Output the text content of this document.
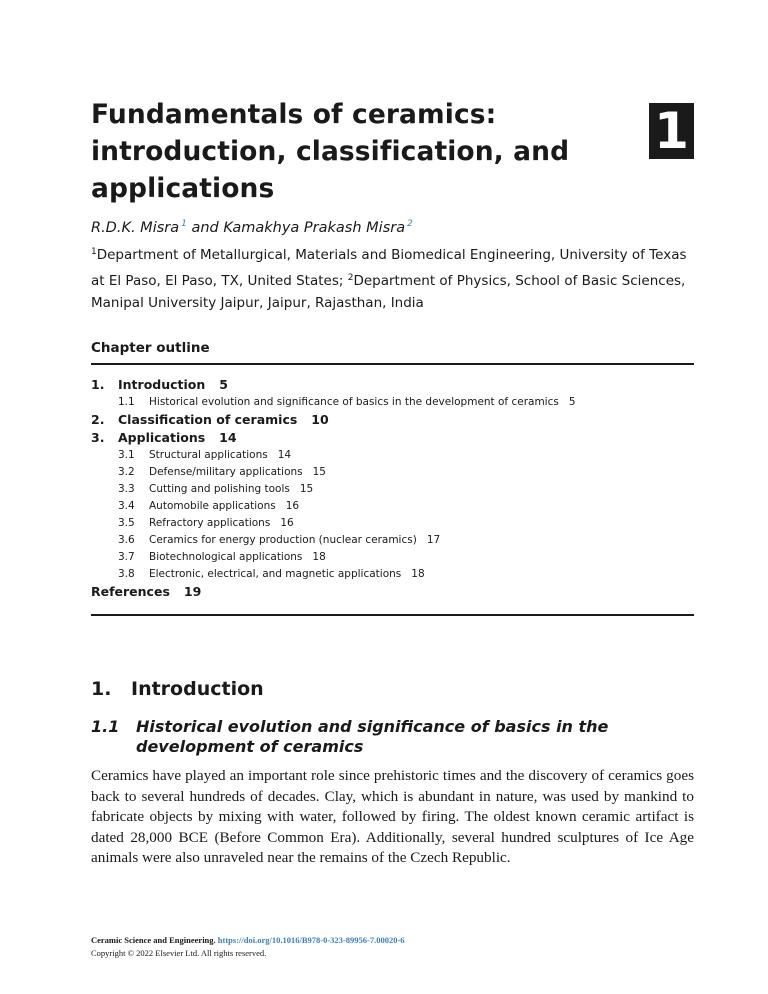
Fundamentals of ceramics:
introduction, classification, and
applications
1
R.D.K. Misra $^1$ and Kamakhya Prakash Misra $^2$
$^1$Department of Metallurgical, Materials and Biomedical Engineering, University of Texas at El Paso, El Paso, TX, United States; $^2$Department of Physics, School of Basic Sciences, Manipal University Jaipur, Jaipur, Rajasthan, India
Chapter outline
1. Introduction 5
1.1 Historical evolution and significance of basics in the development of ceramics 5
2. Classification of ceramics 10
3. Applications 14
3.1 Structural applications 14
3.2 Defense/military applications 15
3.3 Cutting and polishing tools 15
3.4 Automobile applications 16
3.5 Refractory applications 16
3.6 Ceramics for energy production (nuclear ceramics) 17
3.7 Biotechnological applications 18
3.8 Electronic, electrical, and magnetic applications 18
References 19
1. Introduction
1.1 Historical evolution and significance of basics in the development of ceramics
Ceramics have played an important role since prehistoric times and the discovery of ceramics goes back to several hundreds of decades. Clay, which is abundant in nature, was used by mankind to fabricate objects by mixing with water, followed by firing. The oldest known ceramic artifact is dated 28,000 BCE (Before Common Era). Additionally, several hundred sculptures of Ice Age animals were also unraveled near the remains of the Czech Republic.
Ceramic Science and Engineering. https://doi.org/10.1016/B978-0-323-89956-7.00020-6
Copyright © 2022 Elsevier Ltd. All rights reserved.
